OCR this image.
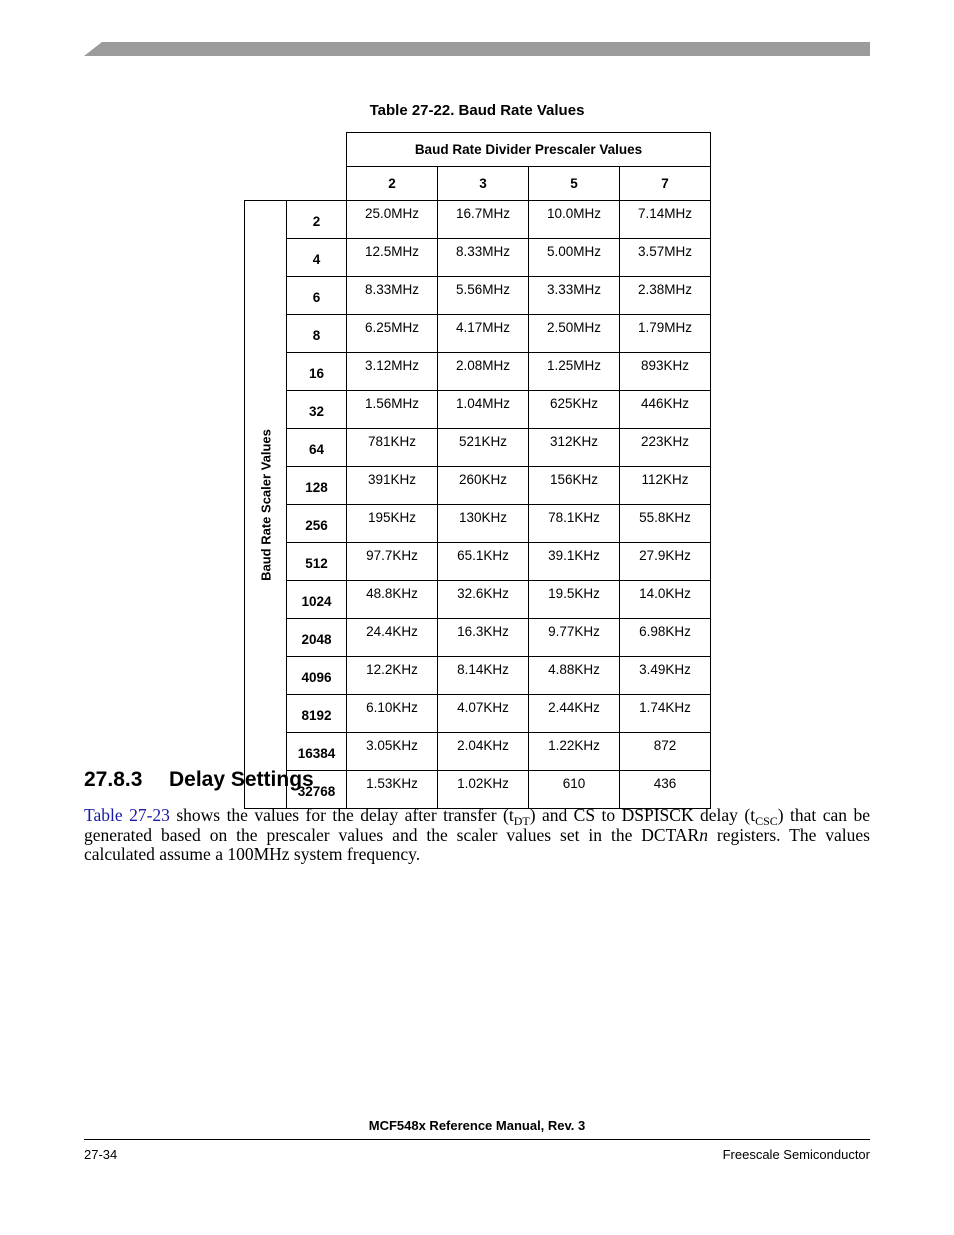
Table 27-22. Baud Rate Values
		Baud Rate Divider Prescaler Values			
		2	3	5	7

Baud Rate Scaler Values	2	25.0MHz	16.7MHz	10.0MHz	7.14MHz
	4	12.5MHz	8.33MHz	5.00MHz	3.57MHz
	6	8.33MHz	5.56MHz	3.33MHz	2.38MHz
	8	6.25MHz	4.17MHz	2.50MHz	1.79MHz
	16	3.12MHz	2.08MHz	1.25MHz	893KHz
	32	1.56MHz	1.04MHz	625KHz	446KHz
	64	781KHz	521KHz	312KHz	223KHz
	128	391KHz	260KHz	156KHz	112KHz
	256	195KHz	130KHz	78.1KHz	55.8KHz
	512	97.7KHz	65.1KHz	39.1KHz	27.9KHz
	1024	48.8KHz	32.6KHz	19.5KHz	14.0KHz
	2048	24.4KHz	16.3KHz	9.77KHz	6.98KHz
	4096	12.2KHz	8.14KHz	4.88KHz	3.49KHz
	8192	6.10KHz	4.07KHz	2.44KHz	1.74KHz
	16384	3.05KHz	2.04KHz	1.22KHz	872
	32768	1.53KHz	1.02KHz	610	436
27.8.3 Delay Settings

Table 27-23 shows the values for the delay after transfer $(t_{DT})$ and CS to DSPISCK delay $(t_{CSC})$ that can be generated based on the prescaler values and the scaler values set in the DCTARn registers. The values calculated assume a 100MHz system frequency.

MCF548x Reference Manual, Rev. 3
27-34	Freescale Semiconductor
